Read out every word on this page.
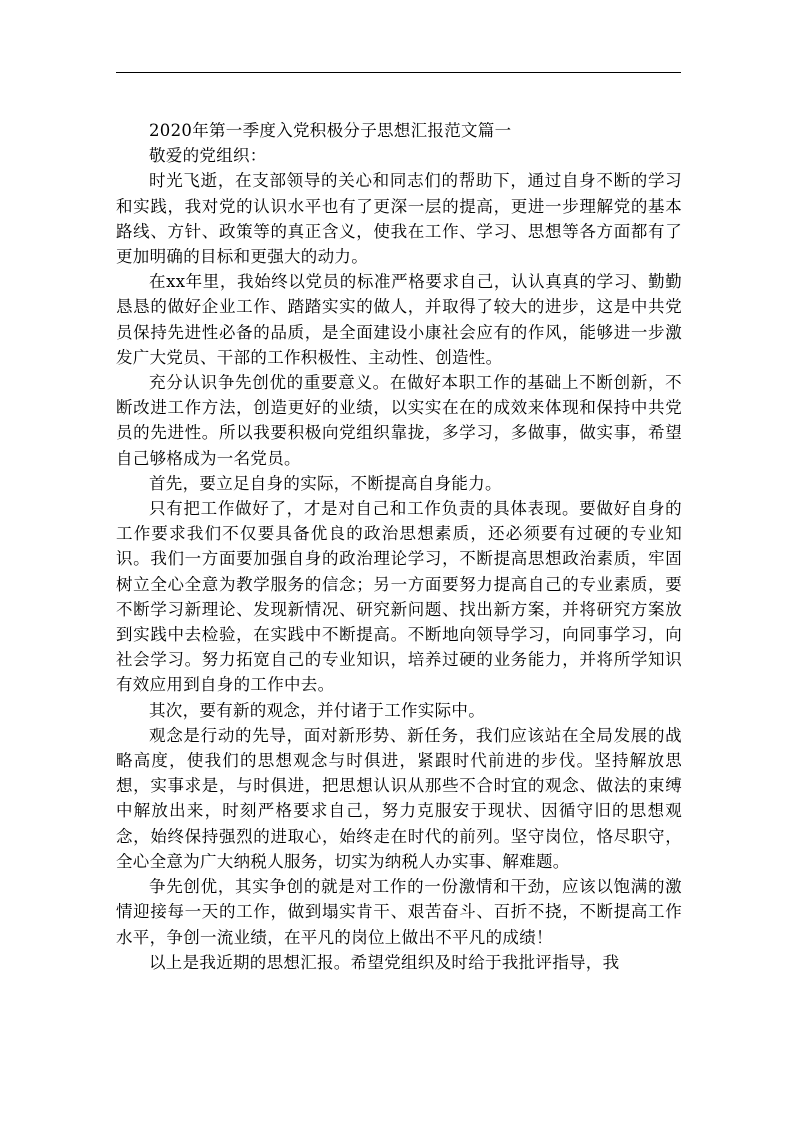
2020年第一季度入党积极分子思想汇报范文篇一

敬爱的党组织：

时光飞逝，在支部领导的关心和同志们的帮助下，通过自身不断的学习和实践，我对党的认识水平也有了更深一层的提高，更进一步理解党的基本路线、方针、政策等的真正含义，使我在工作、学习、思想等各方面都有了更加明确的目标和更强大的动力。

在xx年里，我始终以党员的标准严格要求自己，认认真真的学习、勤勤恳恳的做好企业工作、踏踏实实的做人，并取得了较大的进步，这是中共党员保持先进性必备的品质，是全面建设小康社会应有的作风，能够进一步激发广大党员、干部的工作积极性、主动性、创造性。

充分认识争先创优的重要意义。在做好本职工作的基础上不断创新，不断改进工作方法，创造更好的业绩，以实实在在的成效来体现和保持中共党员的先进性。所以我要积极向党组织靠拢，多学习，多做事，做实事，希望自己够格成为一名党员。

首先，要立足自身的实际，不断提高自身能力。

只有把工作做好了，才是对自己和工作负责的具体表现。要做好自身的工作要求我们不仅要具备优良的政治思想素质，还必须要有过硬的专业知识。我们一方面要加强自身的政治理论学习，不断提高思想政治素质，牢固树立全心全意为教学服务的信念；另一方面要努力提高自己的专业素质，要不断学习新理论、发现新情况、研究新问题、找出新方案，并将研究方案放到实践中去检验，在实践中不断提高。不断地向领导学习，向同事学习，向社会学习。努力拓宽自己的专业知识，培养过硬的业务能力，并将所学知识有效应用到自身的工作中去。

其次，要有新的观念，并付诸于工作实际中。

观念是行动的先导，面对新形势、新任务，我们应该站在全局发展的战略高度，使我们的思想观念与时俱进，紧跟时代前进的步伐。坚持解放思想，实事求是，与时俱进，把思想认识从那些不合时宜的观念、做法的束缚中解放出来，时刻严格要求自己，努力克服安于现状、因循守旧的思想观念，始终保持强烈的进取心，始终走在时代的前列。坚守岗位，恪尽职守，全心全意为广大纳税人服务，切实为纳税人办实事、解难题。

争先创优，其实争创的就是对工作的一份激情和干劲，应该以饱满的激情迎接每一天的工作，做到塌实肯干、艰苦奋斗、百折不挠，不断提高工作水平，争创一流业绩，在平凡的岗位上做出不平凡的成绩！

以上是我近期的思想汇报。希望党组织及时给于我批评指导，我
